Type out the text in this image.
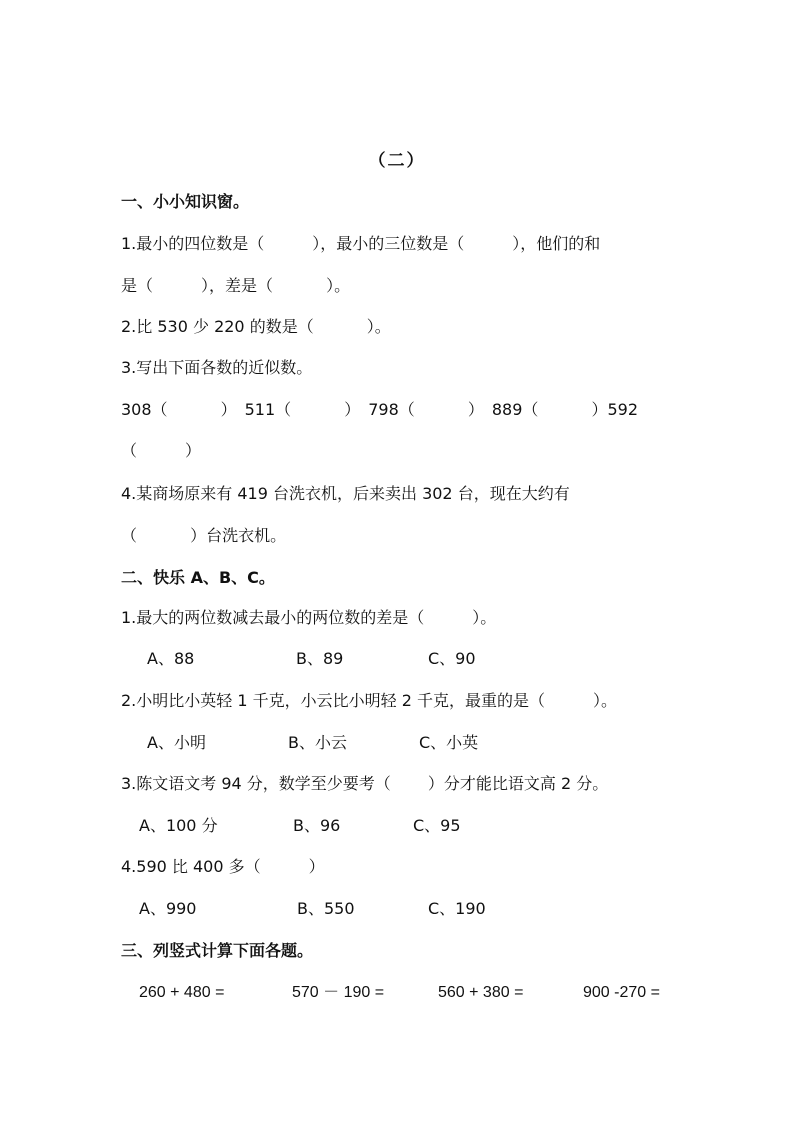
（二）
一、小小知识窗。
1.最小的四位数是（　　　），最小的三位数是（　　　），他们的和
是（　　　），差是（　　　 ）。
2.比 530 少 220 的数是（　　　 ）。
3.写出下面各数的近似数。
308（　　　 ）　511（　　　 ）　798（　　　 ）　889（　　　 ）592
（　　　）
4.某商场原来有 419 台洗衣机，后来卖出 302 台，现在大约有
（　　　 ）台洗衣机。
二、快乐 A、B、C。
1.最大的两位数减去最小的两位数的差是（　　　）。
A、88	B、89	C、90
2.小明比小英轻 1 千克，小云比小明轻 2 千克，最重的是（　　　）。
A、小明	B、小云	C、小英
3.陈文语文考 94 分，数学至少要考（　　 ）分才能比语文高 2 分。
A、100 分	B、96	C、95
4.590 比 400 多（　　　）
A、990	B、550	C、190
三、列竖式计算下面各题。
260 + 480 =	570 － 190 =	560 + 380 =	900 -270 =
